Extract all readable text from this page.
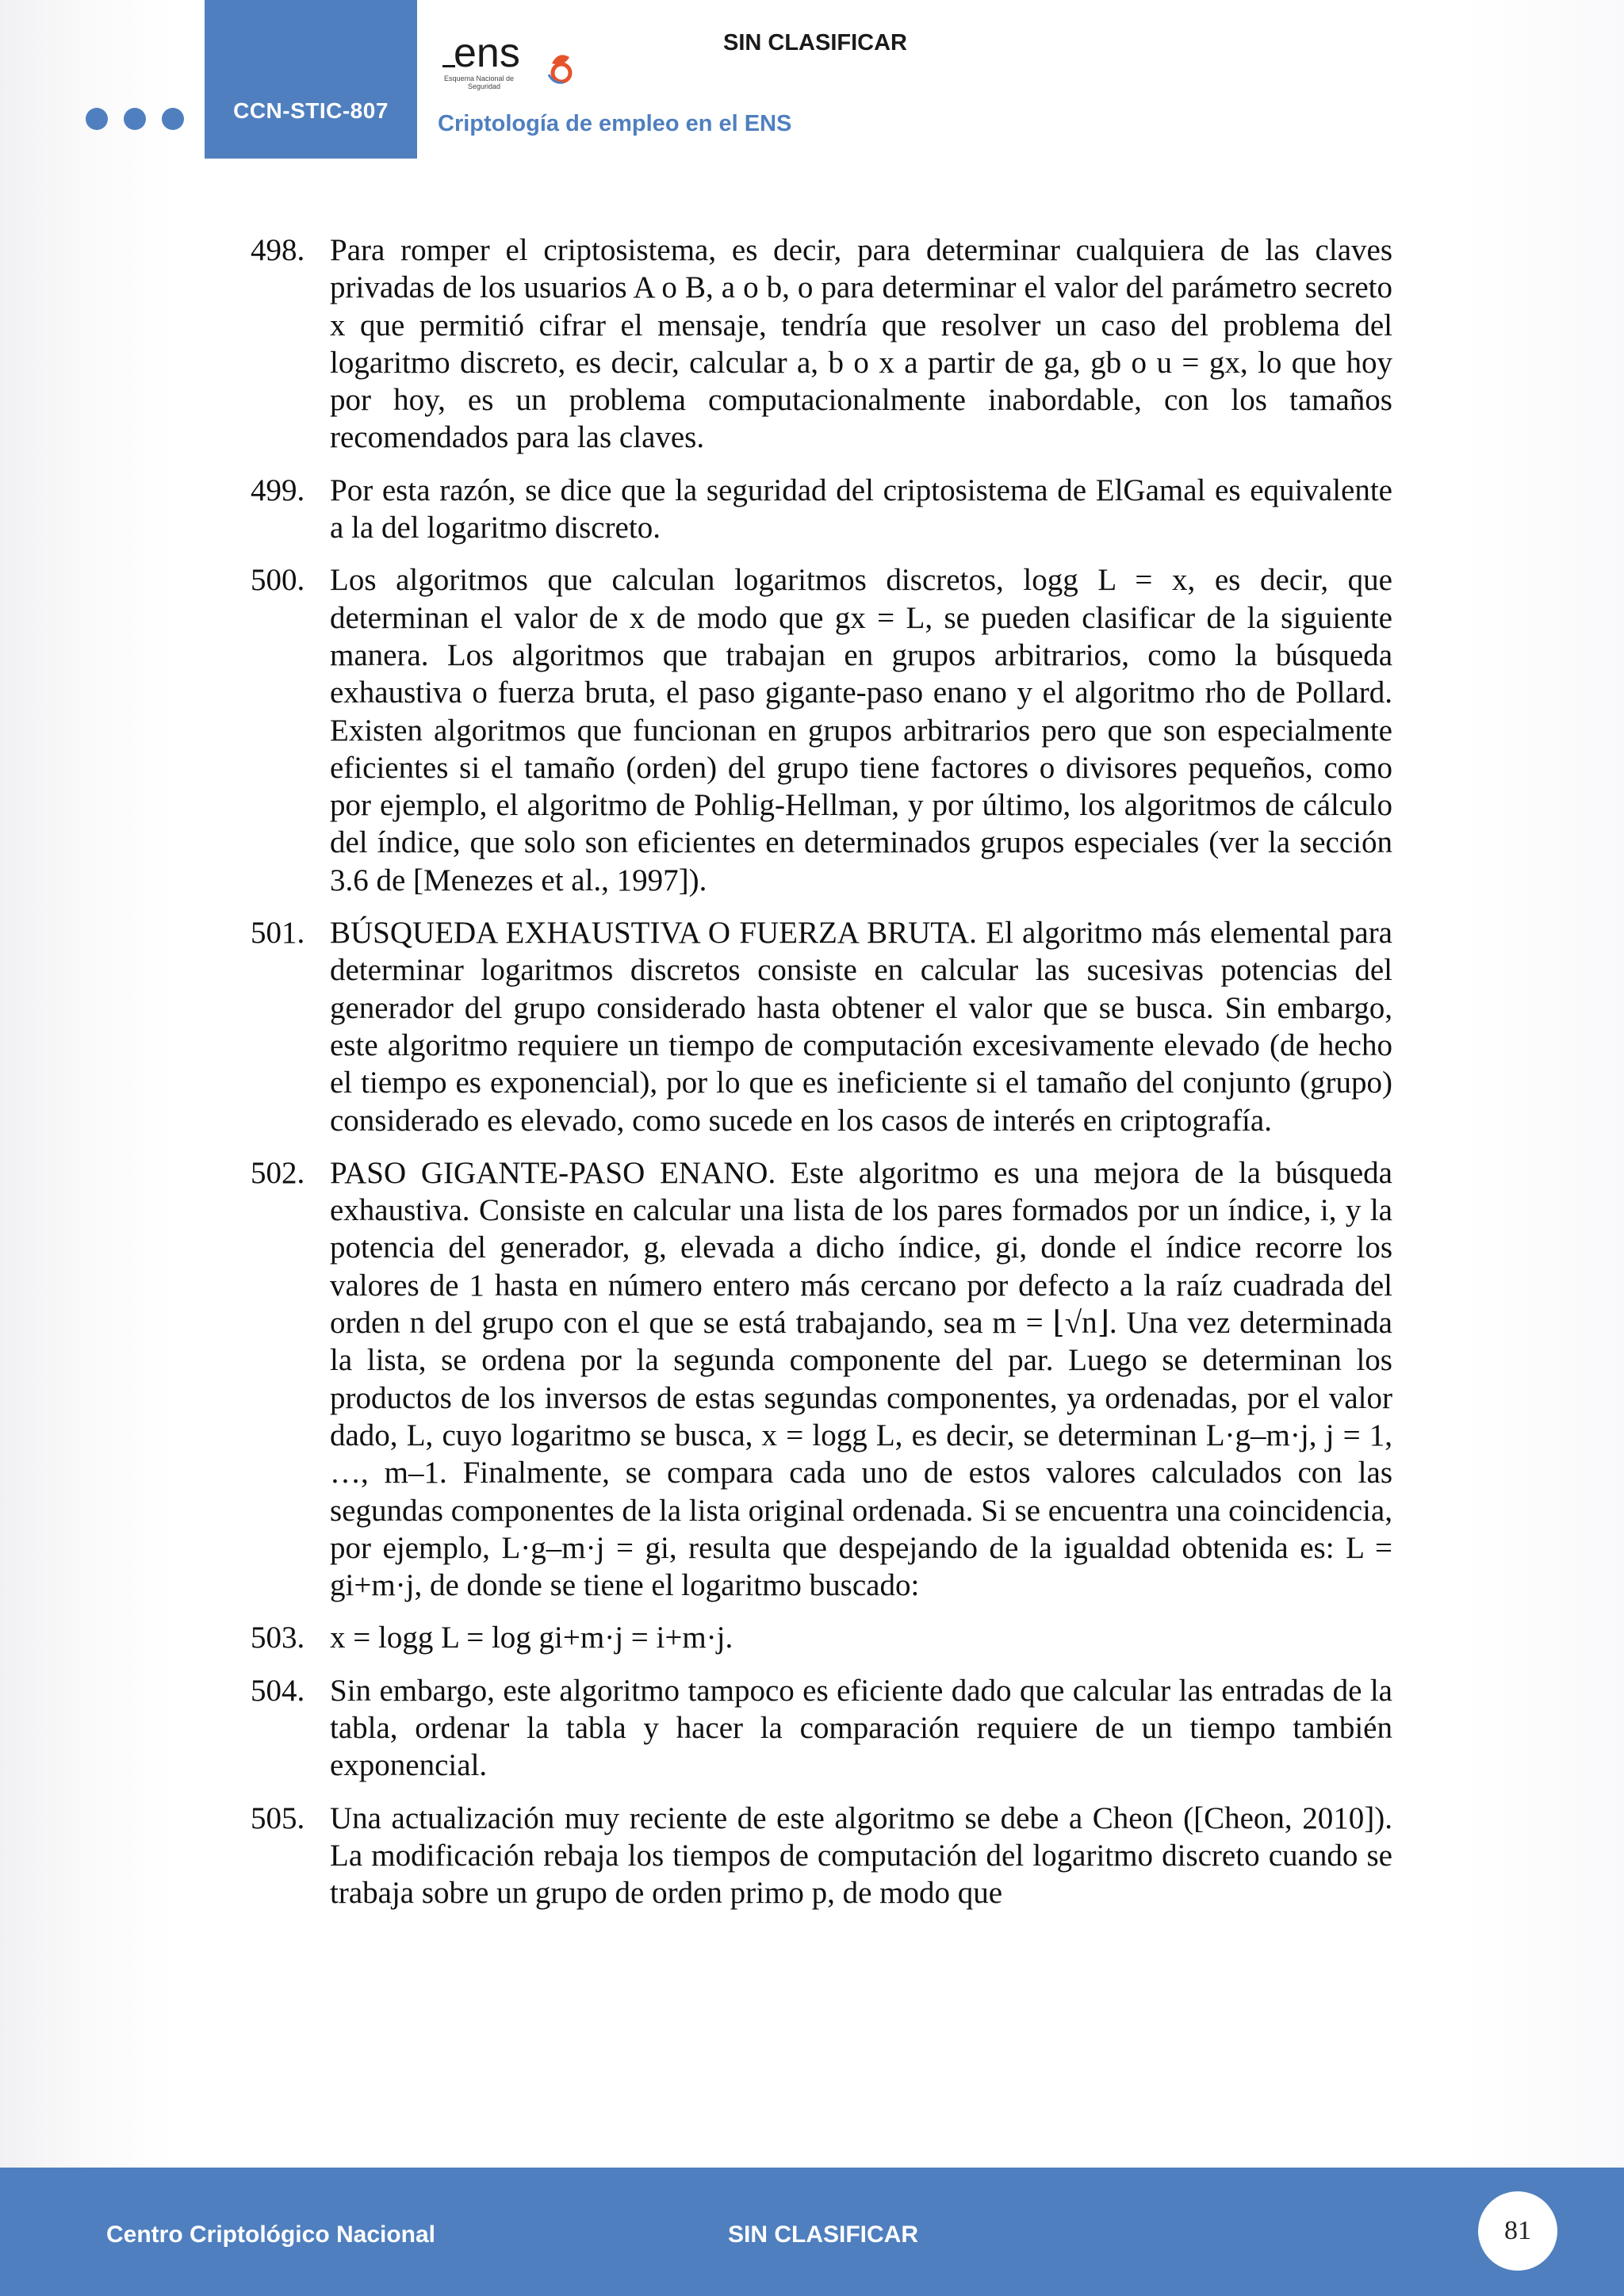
CCN-STIC-807
ens
Esquema Nacional de
Seguridad
SIN CLASIFICAR
Criptología de empleo en el ENS
498. Para romper el criptosistema, es decir, para determinar cualquiera de las claves privadas de los usuarios A o B, a o b, o para determinar el valor del parámetro secreto x que permitió cifrar el mensaje, tendría que resolver un caso del problema del logaritmo discreto, es decir, calcular a, b o x a partir de ga, gb o u = gx, lo que hoy por hoy, es un problema computacionalmente inabordable, con los tamaños recomendados para las claves.
499. Por esta razón, se dice que la seguridad del criptosistema de ElGamal es equivalente a la del logaritmo discreto.
500. Los algoritmos que calculan logaritmos discretos, logg L = x, es decir, que determinan el valor de x de modo que gx = L, se pueden clasificar de la siguiente manera. Los algoritmos que trabajan en grupos arbitrarios, como la búsqueda exhaustiva o fuerza bruta, el paso gigante-paso enano y el algoritmo rho de Pollard. Existen algoritmos que funcionan en grupos arbitrarios pero que son especialmente eficientes si el tamaño (orden) del grupo tiene factores o divisores pequeños, como por ejemplo, el algoritmo de Pohlig-Hellman, y por último, los algoritmos de cálculo del índice, que solo son eficientes en determinados grupos especiales (ver la sección 3.6 de [Menezes et al., 1997]).
501. BÚSQUEDA EXHAUSTIVA O FUERZA BRUTA. El algoritmo más elemental para determinar logaritmos discretos consiste en calcular las sucesivas potencias del generador del grupo considerado hasta obtener el valor que se busca. Sin embargo, este algoritmo requiere un tiempo de computación excesivamente elevado (de hecho el tiempo es exponencial), por lo que es ineficiente si el tamaño del conjunto (grupo) considerado es elevado, como sucede en los casos de interés en criptografía.
502. PASO GIGANTE-PASO ENANO. Este algoritmo es una mejora de la búsqueda exhaustiva. Consiste en calcular una lista de los pares formados por un índice, i, y la potencia del generador, g, elevada a dicho índice, gi, donde el índice recorre los valores de 1 hasta en número entero más cercano por defecto a la raíz cuadrada del orden n del grupo con el que se está trabajando, sea m = ⌊√n⌋. Una vez determinada la lista, se ordena por la segunda componente del par. Luego se determinan los productos de los inversos de estas segundas componentes, ya ordenadas, por el valor dado, L, cuyo logaritmo se busca, x = logg L, es decir, se determinan L·g–m·j, j = 1, …, m–1. Finalmente, se compara cada uno de estos valores calculados con las segundas componentes de la lista original ordenada. Si se encuentra una coincidencia, por ejemplo, L·g–m·j = gi, resulta que despejando de la igualdad obtenida es: L = gi+m·j, de donde se tiene el logaritmo buscado:
503. x = logg L = log gi+m·j = i+m·j.
504. Sin embargo, este algoritmo tampoco es eficiente dado que calcular las entradas de la tabla, ordenar la tabla y hacer la comparación requiere de un tiempo también exponencial.
505. Una actualización muy reciente de este algoritmo se debe a Cheon ([Cheon, 2010]). La modificación rebaja los tiempos de computación del logaritmo discreto cuando se trabaja sobre un grupo de orden primo p, de modo que
Centro Criptológico Nacional	SIN CLASIFICAR	81
